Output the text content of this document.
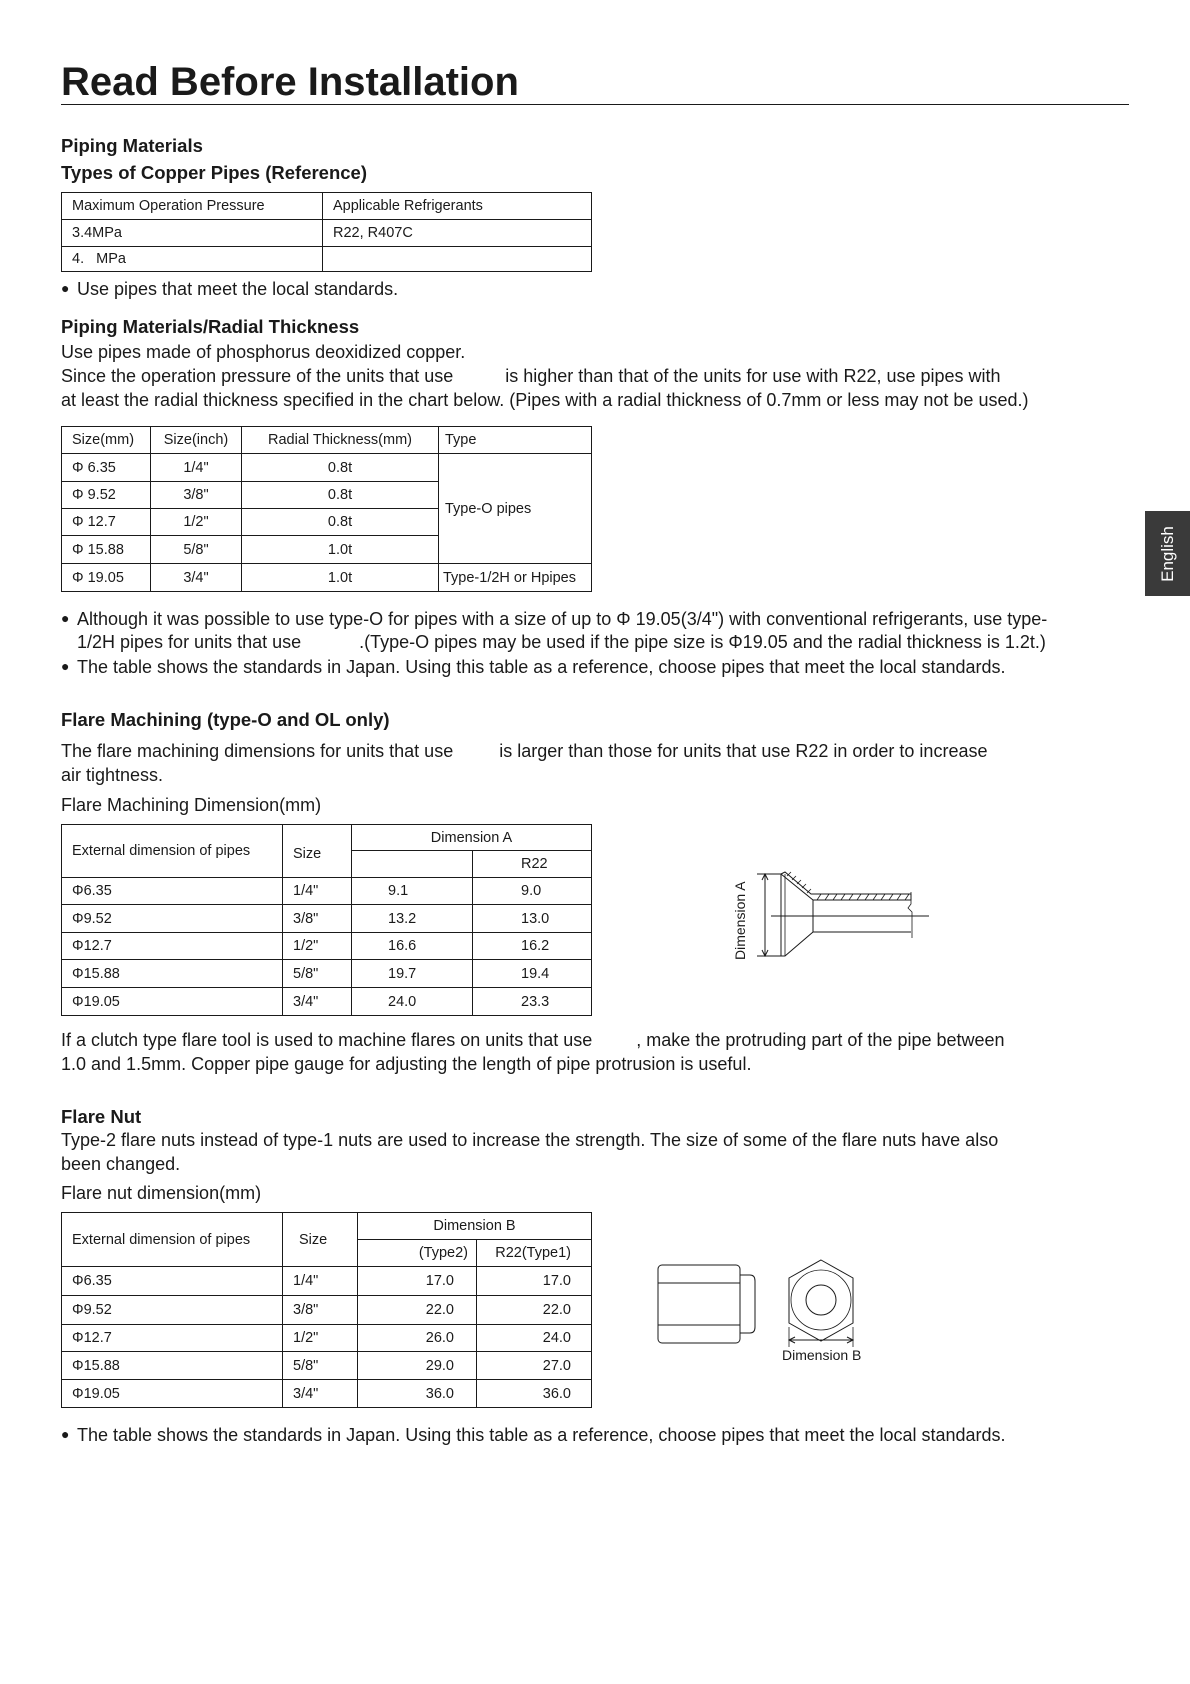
Read Before Installation
English
Piping Materials
Types of Copper Pipes (Reference)
Maximum Operation Pressure	Applicable Refrigerants
3.4MPa	R22, R407C
4.   MPa	
● Use pipes that meet the local standards.
Piping Materials/Radial Thickness
Use pipes made of phosphorus deoxidized copper.
Since the operation pressure of the units that use	is higher than that of the units for use with R22, use pipes with
at least the radial thickness specified in the chart below. (Pipes with a radial thickness of 0.7mm or less may not be used.)
Size(mm)	Size(inch)	Radial Thickness(mm)	Type
Φ 6.35	1/4"	0.8t	Type-O pipes
Φ 9.52	3/8"	0.8t	
Φ 12.7	1/2"	0.8t	
Φ 15.88	5/8"	1.0t	
Φ 19.05	3/4"	1.0t	Type-1/2H or Hpipes
● Although it was possible to use type-O for pipes with a size of up to Φ 19.05(3/4") with conventional refrigerants, use type-
1/2H pipes for units that use	.(Type-O pipes may be used if the pipe size is Φ19.05 and the radial thickness is 1.2t.)
● The table shows the standards in Japan. Using this table as a reference, choose pipes that meet the local standards.
Flare Machining (type-O and OL only)
The flare machining dimensions for units that use	is larger than those for units that use R22 in order to increase
air tightness.
Flare Machining Dimension(mm)
External dimension of pipes	Size	Dimension A	
			R22
Φ6.35	1/4"	9.1	9.0
Φ9.52	3/8"	13.2	13.0
Φ12.7	1/2"	16.6	16.2
Φ15.88	5/8"	19.7	19.4
Φ19.05	3/4"	24.0	23.3
Dimension A
If a clutch type flare tool is used to machine flares on units that use , make the protruding part of the pipe between
1.0 and 1.5mm. Copper pipe gauge for adjusting the length of pipe protrusion is useful.
Flare Nut
Type-2 flare nuts instead of type-1 nuts are used to increase the strength. The size of some of the flare nuts have also
been changed.
Flare nut dimension(mm)
External dimension of pipes	Size	Dimension B	
		(Type2)	R22(Type1)
Φ6.35	1/4"	17.0	17.0
Φ9.52	3/8"	22.0	22.0
Φ12.7	1/2"	26.0	24.0
Φ15.88	5/8"	29.0	27.0
Φ19.05	3/4"	36.0	36.0
Dimension B
● The table shows the standards in Japan. Using this table as a reference, choose pipes that meet the local standards.
